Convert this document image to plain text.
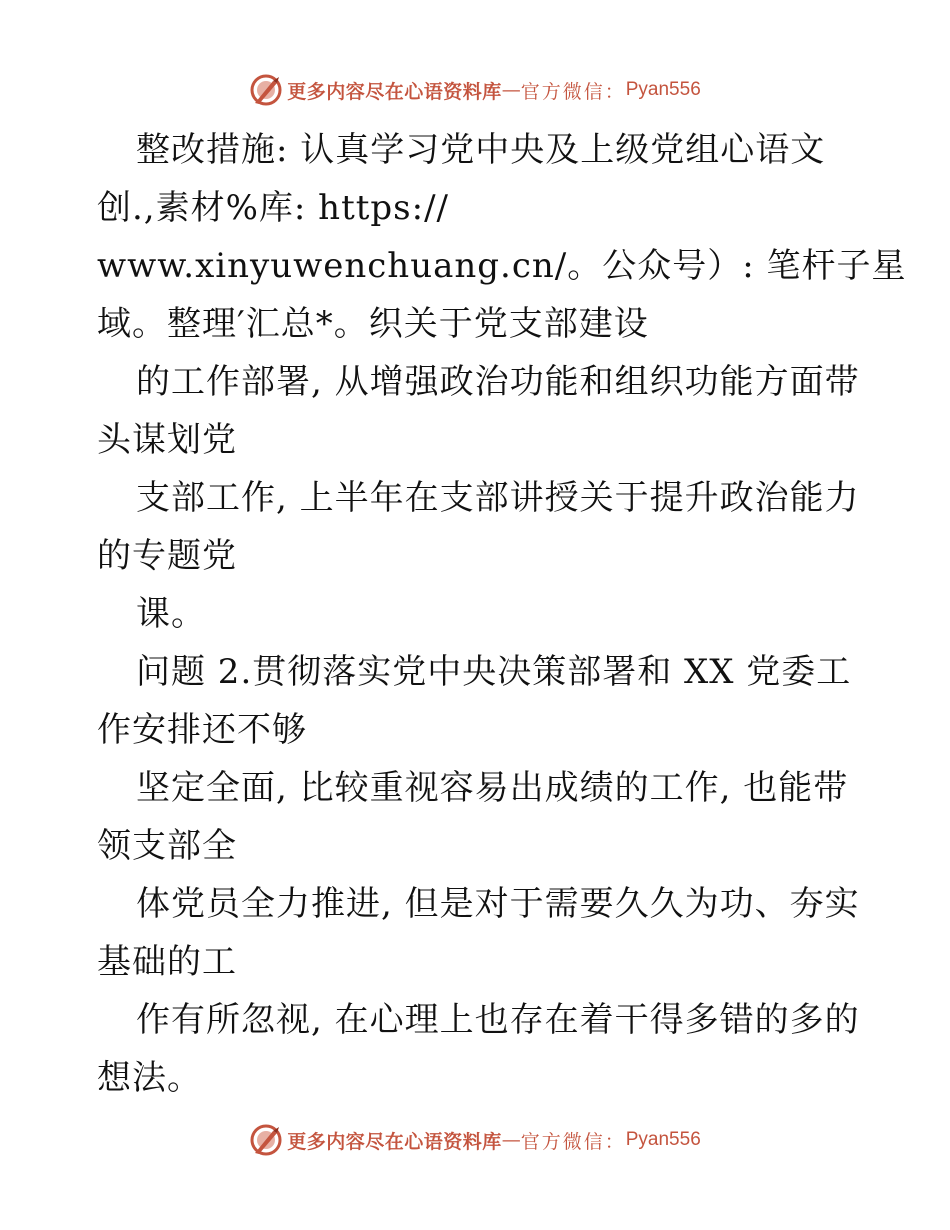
更多内容尽在心语资料库 — 官方微信： Pyan556
整改措施: 认真学习党中央及上级党组心语文
创.,素材%库: https://
www.xinyuwenchuang.cn/。公众号）: 笔杆子星
域。整理′汇总*。织关于党支部建设
的工作部署, 从增强政治功能和组织功能方面带
头谋划党
支部工作, 上半年在支部讲授关于提升政治能力
的专题党
课。
问题 2.贯彻落实党中央决策部署和 XX 党委工
作安排还不够
坚定全面, 比较重视容易出成绩的工作, 也能带
领支部全
体党员全力推进, 但是对于需要久久为功、夯实
基础的工
作有所忽视, 在心理上也存在着干得多错的多的
想法。
更多内容尽在心语资料库 — 官方微信： Pyan556
